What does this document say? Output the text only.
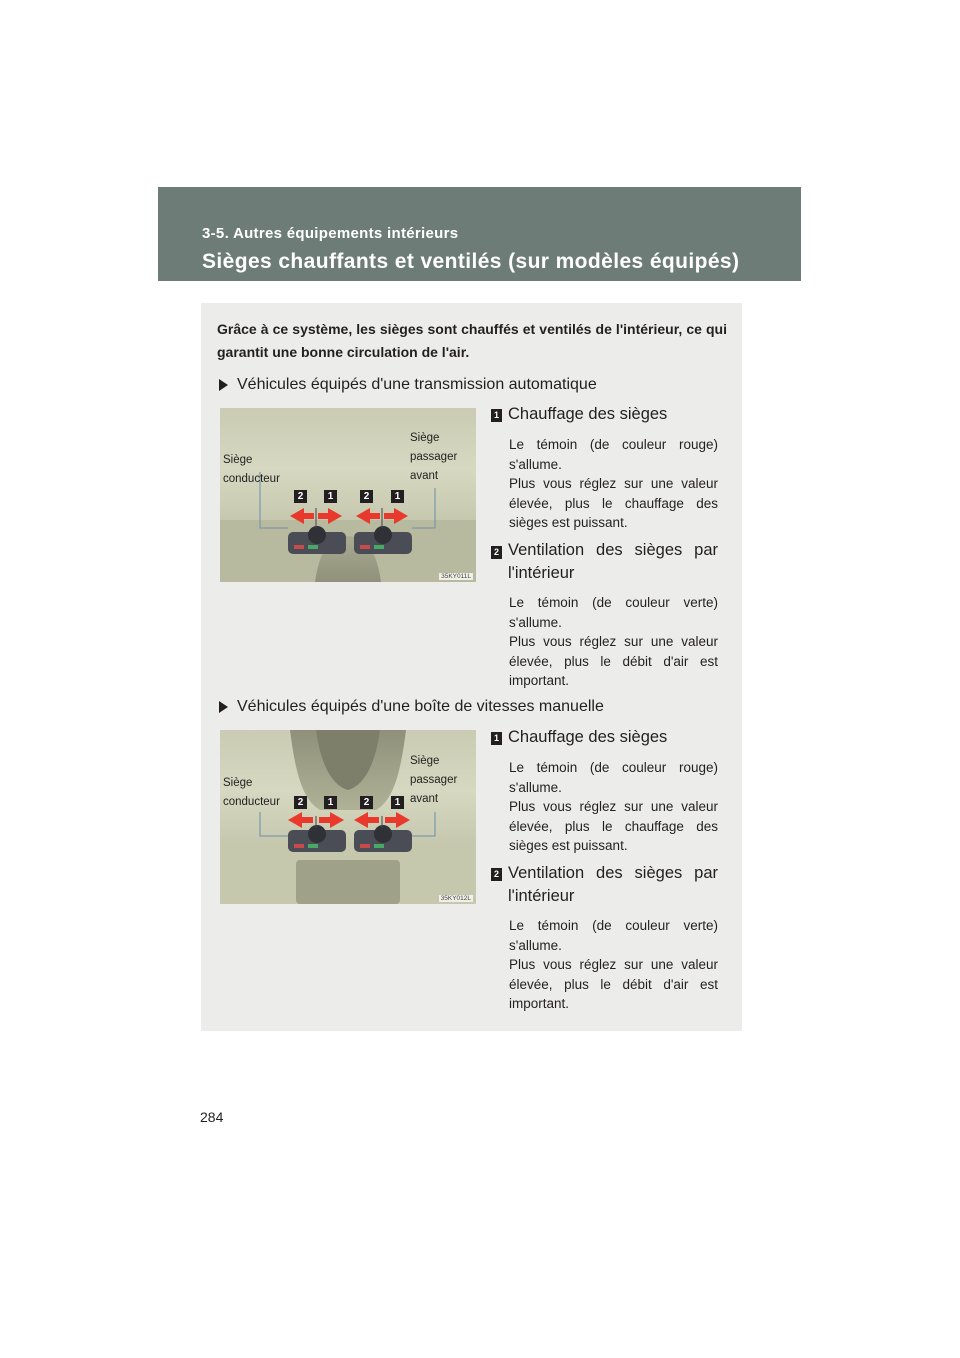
3-5. Autres équipements intérieurs
Sièges chauffants et ventilés (sur modèles équipés)
Grâce à ce système, les sièges sont chauffés et ventilés de l'intérieur, ce qui garantit une bonne circulation de l'air.
Véhicules équipés d'une transmission automatique
Siège conducteur
Siège passager avant
2	1	2	1
35KY011L
1 Chauffage des sièges
Le témoin (de couleur rouge)
s'allume.
Plus vous réglez sur une valeur
élevée, plus le chauffage des
sièges est puissant.
2 Ventilation des sièges par
l'intérieur
Le témoin (de couleur verte)
s'allume.
Plus vous réglez sur une valeur
élevée, plus le débit d'air est
important.
Véhicules équipés d'une boîte de vitesses manuelle
Siège conducteur
Siège passager avant
2	1	2	1
35KY012L
1 Chauffage des sièges
Le témoin (de couleur rouge)
s'allume.
Plus vous réglez sur une valeur
élevée, plus le chauffage des
sièges est puissant.
2 Ventilation des sièges par
l'intérieur
Le témoin (de couleur verte)
s'allume.
Plus vous réglez sur une valeur
élevée, plus le débit d'air est
important.
284
